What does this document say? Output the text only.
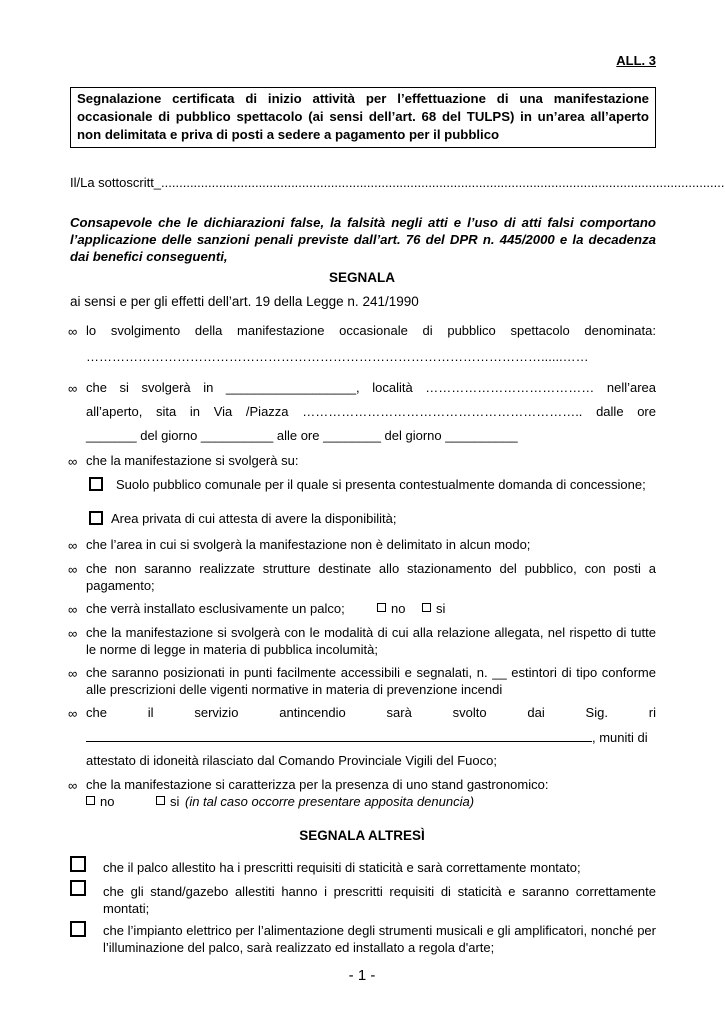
ALL. 3
Segnalazione certificata di inizio attività per l’effettuazione di una manifestazione occasionale di pubblico spettacolo (ai sensi dell’art. 68 del TULPS) in un’area all’aperto non delimitata e priva di posti a sedere a pagamento per il pubblico
Il/La sottoscritt_............................................................................................................................................................
Consapevole che le dichiarazioni false, la falsità negli atti e l’uso di atti falsi comportano l’applicazione delle sanzioni penali previste dall’art. 76 del DPR n. 445/2000 e la decadenza dai benefici conseguenti,
SEGNALA
ai sensi e per gli effetti dell’art. 19 della Legge n. 241/1990
∞ lo svolgimento della manifestazione occasionale di pubblico spettacolo denominata:
……………………………………………………………………………………………......……
∞ che si svolgerà in __________________, località ………………………………… nell’area
all’aperto, sita in Via /Piazza ……………………………………………………….. dalle ore
_______ del giorno __________ alle ore ________ del giorno __________
∞ che la manifestazione si svolgerà su:
Suolo pubblico comunale per il quale si presenta contestualmente domanda di concessione;
Area privata di cui attesta di avere la disponibilità;
∞ che l’area in cui si svolgerà la manifestazione non è delimitato in alcun modo;
∞ che non saranno realizzate strutture destinate allo stazionamento del pubblico, con posti a pagamento;
∞ che verrà installato esclusivamente un palco;	no	si
∞ che la manifestazione si svolgerà con le modalità di cui alla relazione allegata, nel rispetto di tutte le norme di legge in materia di pubblica incolumità;
∞ che saranno posizionati in punti facilmente accessibili e segnalati, n. __ estintori di tipo conforme alle prescrizioni delle vigenti normative in materia di prevenzione incendi
∞ che il servizio antincendio sarà svolto dai Sig. ri
, muniti di
attestato di idoneità rilasciato dal Comando Provinciale Vigili del Fuoco;
∞ che la manifestazione si caratterizza per la presenza di uno stand gastronomico:
no	si (in tal caso occorre presentare apposita denuncia)
SEGNALA ALTRESÌ
che il palco allestito ha i prescritti requisiti di staticità e sarà correttamente montato;
che gli stand/gazebo allestiti hanno i prescritti requisiti di staticità e saranno correttamente montati;
che l’impianto elettrico per l’alimentazione degli strumenti musicali e gli amplificatori, nonché per l’illuminazione del palco, sarà realizzato ed installato a regola d'arte;
- 1 -
